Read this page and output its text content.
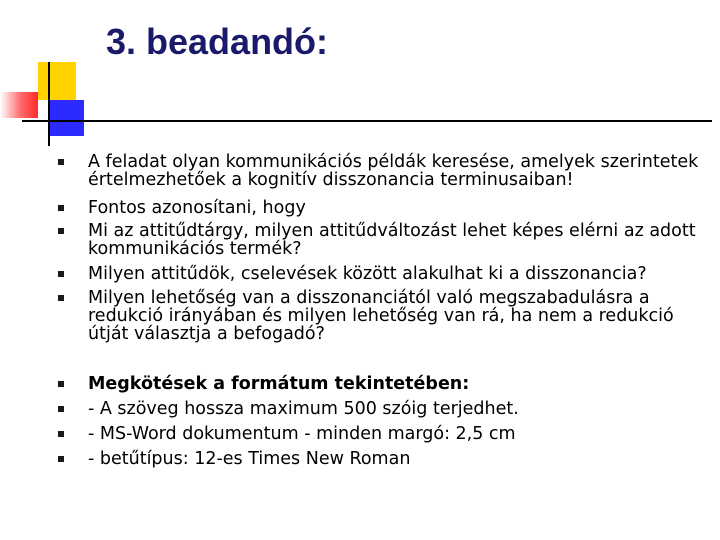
3. beadandó:
A feladat olyan kommunikációs példák keresése, amelyek szerintetek értelmezhetőek a kognitív disszonancia terminusaiban!
Fontos azonosítani, hogy
Mi az attitűdtárgy, milyen attitűdváltozást lehet képes elérni az adott kommunikációs termék?
Milyen attitűdök, cselevések között alakulhat ki a disszonancia?
Milyen lehetőség van a disszonanciától való megszabadulásra a redukció irányában és milyen lehetőség van rá, ha nem a redukció útját választja a befogadó?
Megkötések a formátum tekintetében:
- A szöveg hossza maximum 500 szóig terjedhet.
- MS-Word dokumentum - minden margó: 2,5 cm
- betűtípus: 12-es Times New Roman
